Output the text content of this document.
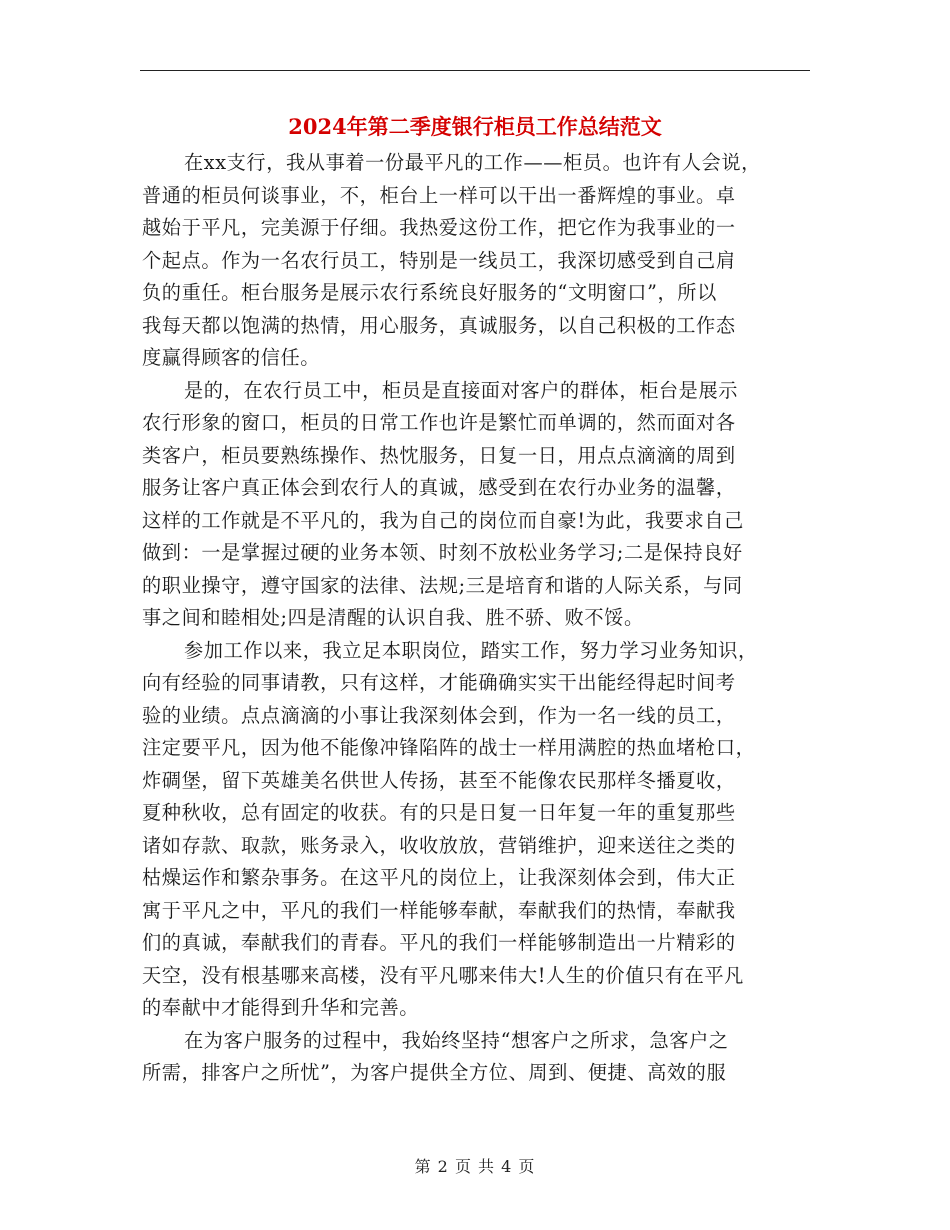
2024年第二季度银行柜员工作总结范文
在xx支行，我从事着一份最平凡的工作——柜员。也许有人会说，
普通的柜员何谈事业，不，柜台上一样可以干出一番辉煌的事业。卓
越始于平凡，完美源于仔细。我热爱这份工作，把它作为我事业的一
个起点。作为一名农行员工，特别是一线员工，我深切感受到自己肩
负的重任。柜台服务是展示农行系统良好服务的“文明窗口”，所以
我每天都以饱满的热情，用心服务，真诚服务，以自己积极的工作态
度赢得顾客的信任。
是的，在农行员工中，柜员是直接面对客户的群体，柜台是展示
农行形象的窗口，柜员的日常工作也许是繁忙而单调的，然而面对各
类客户，柜员要熟练操作、热忱服务，日复一日，用点点滴滴的周到
服务让客户真正体会到农行人的真诚，感受到在农行办业务的温馨，
这样的工作就是不平凡的，我为自己的岗位而自豪!为此，我要求自己
做到：一是掌握过硬的业务本领、时刻不放松业务学习;二是保持良好
的职业操守，遵守国家的法律、法规;三是培育和谐的人际关系，与同
事之间和睦相处;四是清醒的认识自我、胜不骄、败不馁。
参加工作以来，我立足本职岗位，踏实工作，努力学习业务知识，
向有经验的同事请教，只有这样，才能确确实实干出能经得起时间考
验的业绩。点点滴滴的小事让我深刻体会到，作为一名一线的员工，
注定要平凡，因为他不能像冲锋陷阵的战士一样用满腔的热血堵枪口，
炸碉堡，留下英雄美名供世人传扬，甚至不能像农民那样冬播夏收，
夏种秋收，总有固定的收获。有的只是日复一日年复一年的重复那些
诸如存款、取款，账务录入，收收放放，营销维护，迎来送往之类的
枯燥运作和繁杂事务。在这平凡的岗位上，让我深刻体会到，伟大正
寓于平凡之中，平凡的我们一样能够奉献，奉献我们的热情，奉献我
们的真诚，奉献我们的青春。平凡的我们一样能够制造出一片精彩的
天空，没有根基哪来高楼，没有平凡哪来伟大!人生的价值只有在平凡
的奉献中才能得到升华和完善。
在为客户服务的过程中，我始终坚持“想客户之所求，急客户之
所需，排客户之所忧”，为客户提供全方位、周到、便捷、高效的服
第 2 页 共 4 页
